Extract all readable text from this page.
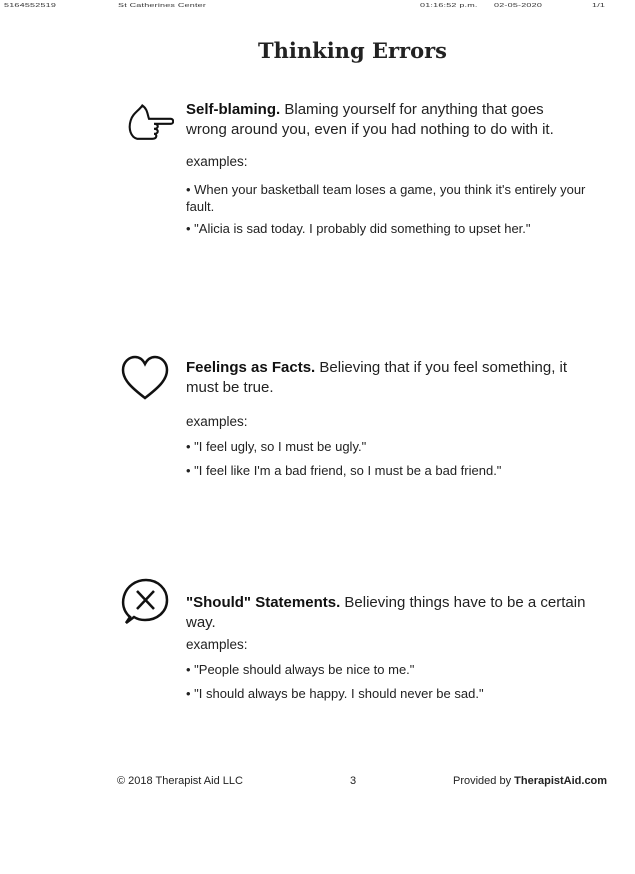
5164552519	St Catherines Center	01:16:52 p.m. 02-05-2020	1/1
Thinking Errors
Self-blaming. Blaming yourself for anything that goes wrong around you, even if you had nothing to do with it.
examples:
• When your basketball team loses a game, you think it's entirely your fault.
• "Alicia is sad today. I probably did something to upset her."
Feelings as Facts. Believing that if you feel something, it must be true.
examples:
• "I feel ugly, so I must be ugly."
• "I feel like I'm a bad friend, so I must be a bad friend."
"Should" Statements. Believing things have to be a certain way.
examples:
• "People should always be nice to me."
• "I should always be happy. I should never be sad."
© 2018 Therapist Aid LLC	3	Provided by TherapistAid.com
